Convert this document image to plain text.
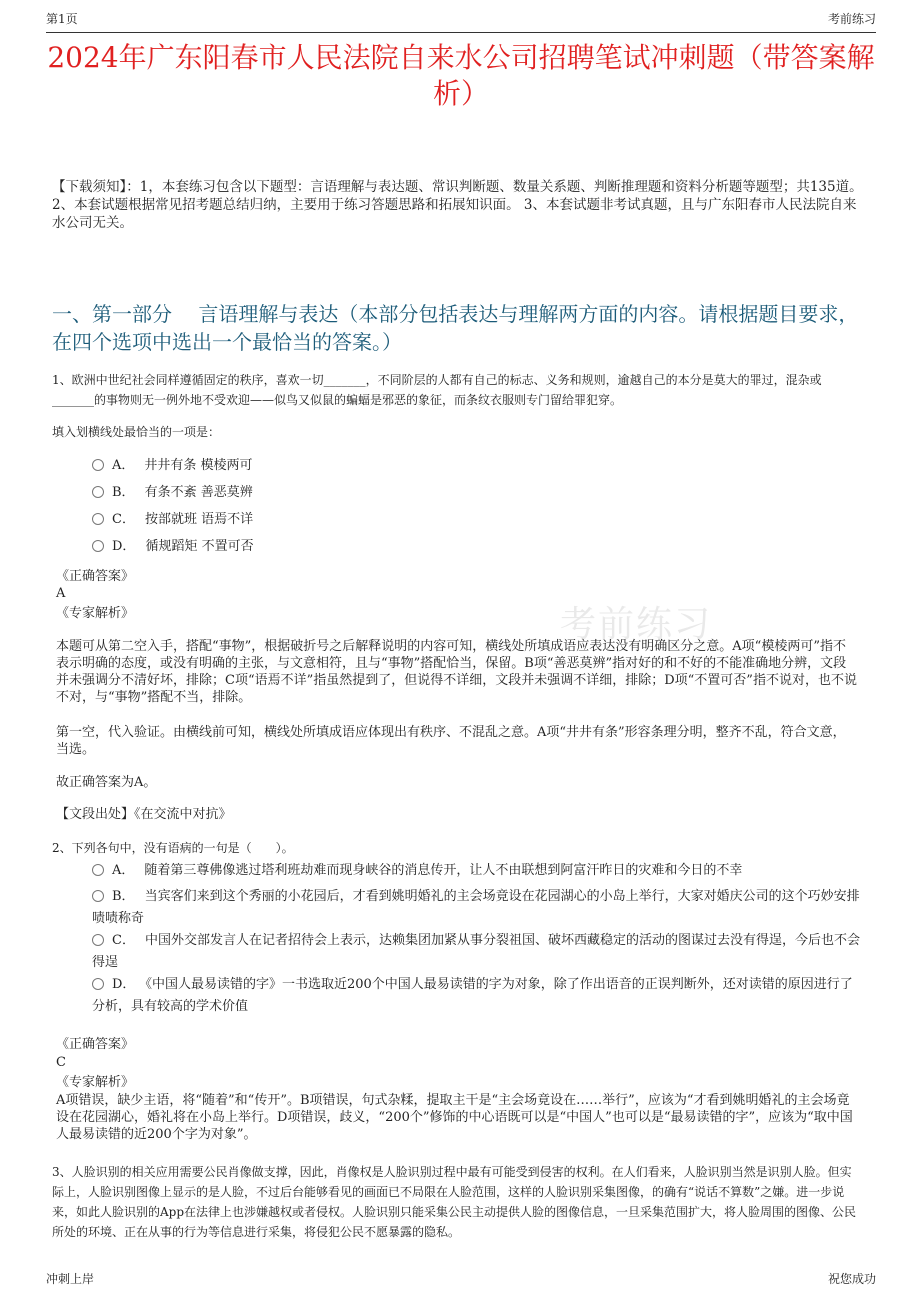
第1页	考前练习
考前练习
2024年广东阳春市人民法院自来水公司招聘笔试冲刺题（带答案解析）
【下载须知】：1，本套练习包含以下题型：言语理解与表达题、常识判断题、数量关系题、判断推理题和资料分析题等题型；共135道。 2、本套试题根据常见招考题总结归纳，主要用于练习答题思路和拓展知识面。 3、本套试题非考试真题，且与广东阳春市人民法院自来水公司无关。
一、第一部分　 言语理解与表达（本部分包括表达与理解两方面的内容。请根据题目要求，在四个选项中选出一个最恰当的答案。）
1、欧洲中世纪社会同样遵循固定的秩序，喜欢一切_______，不同阶层的人都有自己的标志、义务和规则，逾越自己的本分是莫大的罪过，混杂或_______的事物则无一例外地不受欢迎——似鸟又似鼠的蝙蝠是邪恶的象征，而条纹衣服则专门留给罪犯穿。
填入划横线处最恰当的一项是：
A． 井井有条 模棱两可
B． 有条不紊 善恶莫辨
C． 按部就班 语焉不详
D． 循规蹈矩 不置可否
《正确答案》
A
《专家解析》
本题可从第二空入手，搭配“事物”，根据破折号之后解释说明的内容可知，横线处所填成语应表达没有明确区分之意。A项“模棱两可”指不表示明确的态度，或没有明确的主张，与文意相符，且与“事物”搭配恰当，保留。B项“善恶莫辨”指对好的和不好的不能准确地分辨，文段并未强调分不清好坏，排除；C项“语焉不详”指虽然提到了，但说得不详细，文段并未强调不详细，排除；D项“不置可否”指不说对，也不说不对，与“事物”搭配不当，排除。
第一空，代入验证。由横线前可知，横线处所填成语应体现出有秩序、不混乱之意。A项“井井有条”形容条理分明，整齐不乱，符合文意，当选。
故正确答案为A。
【文段出处】《在交流中对抗》
2、下列各句中，没有语病的一句是（　　）。
A． 随着第三尊佛像逃过塔利班劫难而现身峡谷的消息传开，让人不由联想到阿富汗昨日的灾难和今日的不幸
B． 当宾客们来到这个秀丽的小花园后，才看到姚明婚礼的主会场竟设在花园湖心的小岛上举行，大家对婚庆公司的这个巧妙安排啧啧称奇
C． 中国外交部发言人在记者招待会上表示，达赖集团加紧从事分裂祖国、破坏西藏稳定的活动的图谋过去没有得逞，今后也不会得逞
D． 《中国人最易读错的字》一书选取近200个中国人最易读错的字为对象，除了作出语音的正误判断外，还对读错的原因进行了分析，具有较高的学术价值
《正确答案》
C
《专家解析》
A项错误，缺少主语，将“随着”和“传开”。B项错误，句式杂糅，提取主干是“主会场竟设在……举行”，应该为“才看到姚明婚礼的主会场竟设在花园湖心，婚礼将在小岛上举行。D项错误，歧义，“200个”修饰的中心语既可以是“中国人”也可以是“最易读错的字”，应该为“取中国人最易读错的近200个字为对象”。
3、人脸识别的相关应用需要公民肖像做支撑，因此，肖像权是人脸识别过程中最有可能受到侵害的权利。在人们看来，人脸识别当然是识别人脸。但实际上，人脸识别图像上显示的是人脸，不过后台能够看见的画面已不局限在人脸范围，这样的人脸识别采集图像，的确有“说话不算数”之嫌。进一步说来，如此人脸识别的App在法律上也涉嫌越权或者侵权。人脸识别只能采集公民主动提供人脸的图像信息，一旦采集范围扩大，将人脸周围的图像、公民所处的环境、正在从事的行为等信息进行采集，将侵犯公民不愿暴露的隐私。
冲刺上岸	祝您成功
